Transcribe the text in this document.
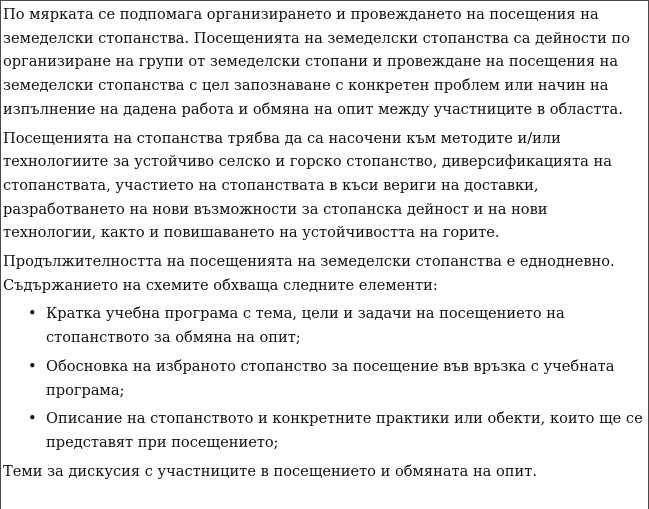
По мярката се подпомага организирането и провеждането на посещения на земеделски стопанства. Посещенията на земеделски стопанства са дейности по организиране на групи от земеделски стопани и провеждане на посещения на земеделски стопанства с цел запознаване с конкретен проблем или начин на изпълнение на дадена работа и обмяна на опит между участниците в областта.

Посещенията на стопанства трябва да са насочени към методите и/или технологиите за устойчиво селско и горско стопанство, диверсификацията на стопанствата, участието на стопанствата в къси вериги на доставки, разработването на нови възможности за стопанска дейност и на нови технологии, както и повишаването на устойчивостта на горите.

Продължителността на посещенията на земеделски стопанства е еднодневно. Съдържанието на схемите обхваща следните елементи:

• Кратка учебна програма с тема, цели и задачи на посещението на стопанството за обмяна на опит;
• Обосновка на избраното стопанство за посещение във връзка с учебната програма;
• Описание на стопанството и конкретните практики или обекти, които ще се представят при посещението;

Теми за дискусия с участниците в посещението и обмяната на опит.
